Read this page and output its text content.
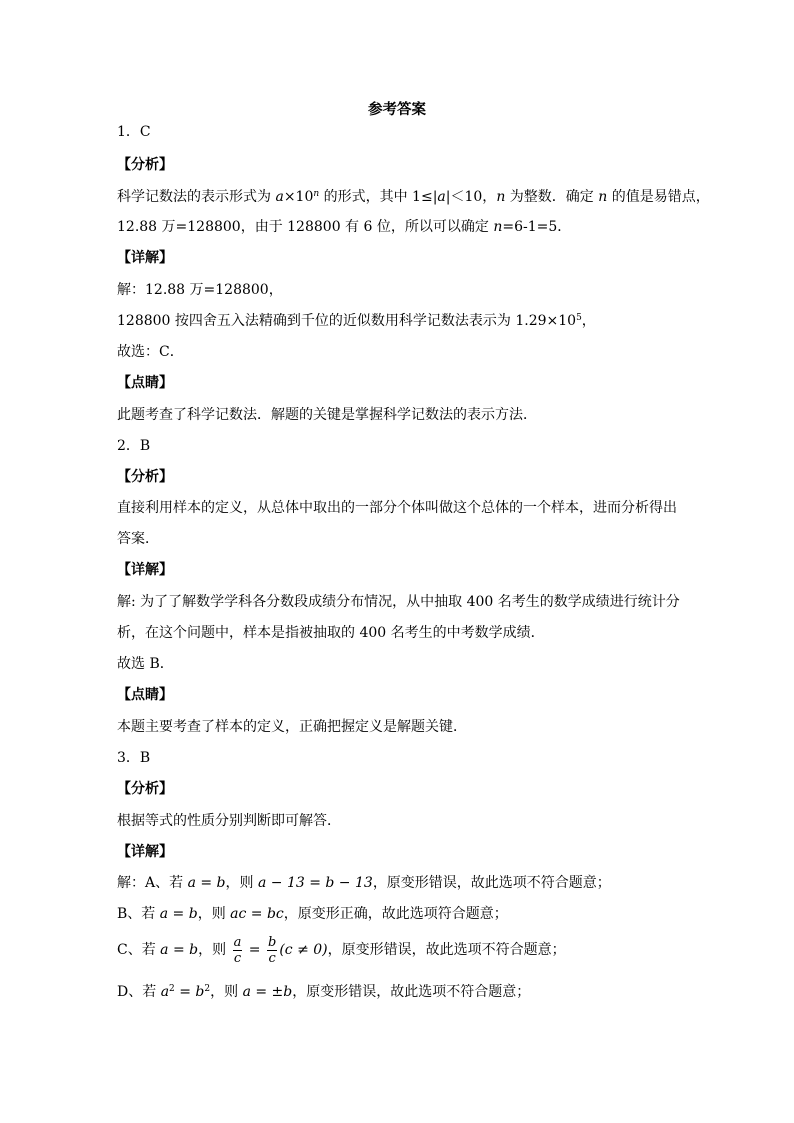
参考答案
1．C
【分析】
科学记数法的表示形式为 $a\times 10^n$ 的形式，其中 1≤|a|＜10，n 为整数．确定 n 的值是易错点，
12.88 万=128800，由于 128800 有 6 位，所以可以确定 n=6-1=5．
【详解】
解：12.88 万=128800，
128800 按四舍五入法精确到千位的近似数用科学记数法表示为 $1.29\times 10^5$，
故选：C．
【点睛】
此题考查了科学记数法．解题的关键是掌握科学记数法的表示方法．
2．B
【分析】
直接利用样本的定义，从总体中取出的一部分个体叫做这个总体的一个样本，进而分析得出
答案．
【详解】
解: 为了了解数学学科各分数段成绩分布情况，从中抽取 400 名考生的数学成绩进行统计分
析，在这个问题中，样本是指被抽取的 400 名考生的中考数学成绩．
故选 B．
【点睛】
本题主要考查了样本的定义，正确把握定义是解题关键．
3．B
【分析】
根据等式的性质分别判断即可解答．
【详解】
解：A、若 a = b，则 a − 13 = b − 13，原变形错误，故此选项不符合题意；
B、若 a = b，则 ac = bc，原变形正确，故此选项符合题意；
C、若 a = b，则 $\frac{a}{c} = \frac{b}{c} (c \ne 0)$，原变形错误，故此选项不符合题意；
D、若 $a^2 = b^2$，则 a = ±b，原变形错误，故此选项不符合题意；
